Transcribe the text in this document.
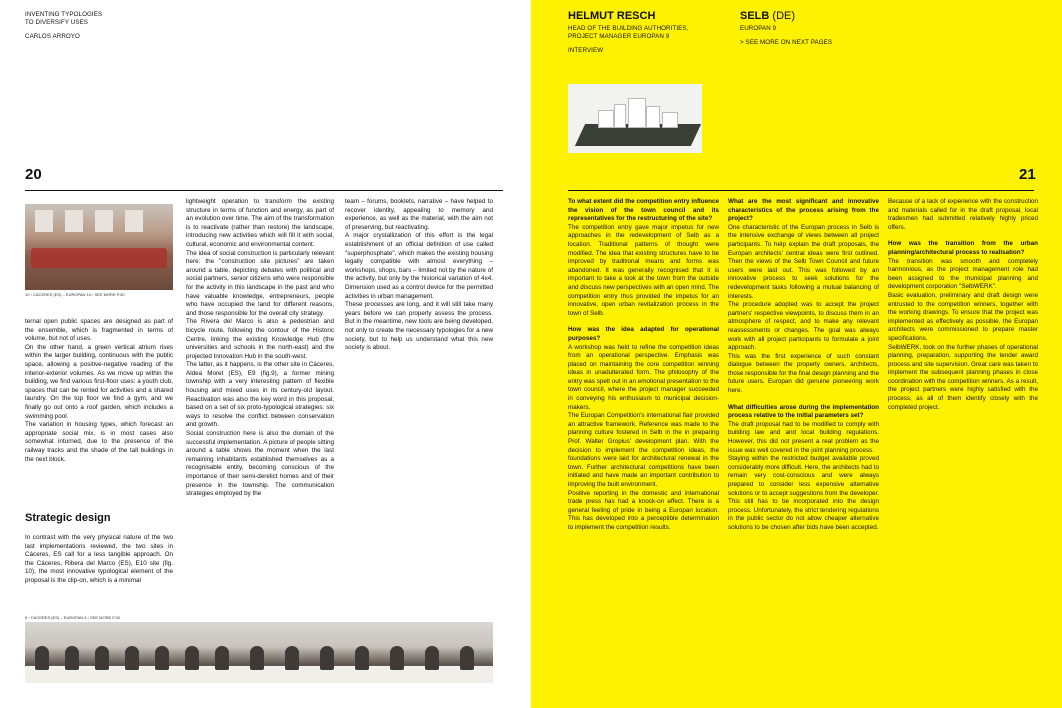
INVENTING TYPOLOGIES
TO DIVERSIFY USES
CARLOS ARROYO
20
10 › CÁCERES (ES) – EUROPAN 10 › SEE MORE P.30

ternal open public spaces are designed as part of the ensemble, which is fragmented in terms of volume, but not of uses.

On the other hand, a green vertical atrium rises within the larger building, continuous with the public space, allowing a positive-negative reading of the interior-exterior volumes. As we move up within the building, we find various first-floor uses: a youth club, spaces that can be rented for activities and a shared laundry. On the top floor we find a gym, and we finally go out onto a roof garden, which includes a swimming pool.

The variation in housing types, which forecast an appropriate social mix, is in most cases also somewhat inturned, due to the presence of the railway tracks and the shade of the tall buildings in the next block.

Strategic design

In contrast with the very physical nature of the two last implementations reviewed, the two sites in Cáceres, ES call for a less tangible approach. On the Cáceres, Ribera del Marco (ES), E10 site (fig. 10), the most innovative typological element of the proposal is the clip-on, which is a minimal

lightweight operation to transform the existing structure in terms of function and energy, as part of an evolution over time. The aim of the transformation is to reactivate (rather than restore) the landscape, introducing new activities which will fill it with social, cultural, economic and environmental content.

The idea of social construction is particularly relevant here: the "construction site pictures" are taken around a table, depicting debates with political and social partners, senior citizens who were responsible for the activity in this landscape in the past and who have valuable knowledge, entrepreneurs, people who have occupied the land for different reasons, and those responsible for the overall city strategy.

The Rivera del Marco is also a pedestrian and bicycle route, following the contour of the Historic Centre, linking the existing Knowledge Hub (the universities and schools in the north-east) and the projected Innovation Hub in the south-west.

The latter, as it happens, is the other site in Cáceres, Aldea Moret (ES), E9 (fig.9), a former mining township with a very interesting pattern of flexible housing and mixed uses in its century-old layout. Reactivation was also the key word in this proposal, based on a set of six proto-typological strategies: six ways to resolve the conflict between conservation and growth.

Social construction here is also the domain of the successful implementation. A picture of people sitting around a table shows the moment when the last remaining inhabitants established themselves as a recognisable entity, becoming conscious of the importance of their semi-derelict homes and of their presence in the township. The communication strategies employed by the

team – forums, booklets, narrative – have helped to recover identity, appealing to memory and experience, as well as the material, with the aim not of preserving, but reactivating.

A major crystallization of this effort is the legal establishment of an official definition of use called "superphosphate", which makes the existing housing legally compatible with almost everything – workshops, shops, bars – limited not by the nature of the activity, but only by the historical variation of 4x4. Dimension used as a control device for the permitted activities in urban management.

These processes are long, and it will still take many years before we can properly assess the process. But in the meantime, new tools are being developed, not only to create the necessary typologies for a new society, but to help us understand what this new society is about.

9 › CÁCERES (ES) – EUROPAN 9 › SEE MORE P.30
HELMUT RESCH
HEAD OF THE BUILDING AUTHORITIES,
PROJECT MANAGER EUROPAN 9
INTERVIEW
SELB (DE)
EUROPAN 9
> SEE MORE ON NEXT PAGES
21

To what extent did the competition entry influence the vision of the town council and its representatives for the restructuring of the site?

The competition entry gave major impetus for new approaches in the redevelopment of Selb as a location. Traditional patterns of thought were modified. The idea that existing structures have to be improved by traditional means and forms was abandoned. It was generally recognised that it is important to take a look at the town from the outside and discuss new perspectives with an open mind. The competition entry thus provided the impetus for an innovative, open urban revitalization process in the town of Selb.

How was the idea adapted for operational purposes?

A workshop was held to refine the competition ideas from an operational perspective. Emphasis was placed on maintaining the core competition winning ideas in unadulterated form. The philosophy of the entry was spelt out in an emotional presentation to the town council, where the project manager succeeded in conveying his enthusiasm to municipal decision-makers.

The Europan Competition's international flair provided an attractive framework. Reference was made to the planning culture fostered in Selb in the in preparing Prof. Walter Gropius' development plan. With the decision to implement the competition ideas, the foundations were laid for architectural renewal in the town. Further architectural competitions have been initiated and have made an important contribution to improving the built environment.

Positive reporting in the domestic and international trade press has had a knock-on effect. There is a general feeling of pride in being a Europan location. This has developed into a perceptible determination to implement the competition results.

What are the most significant and innovative characteristics of the process arising from the project?

One characteristic of the Europan process in Selb is the intensive exchange of views between all project participants. To help explain the draft proposals, the Europan architects' central ideas were first outlined. Then the views of the Selb Town Council and future users were laid out. This was followed by an innovative process to seek solutions for the redevelopment tasks following a mutual balancing of interests.

The procedure adopted was to accept the project partners' respective viewpoints, to discuss them in an atmosphere of respect, and to make any relevant reassessments or changes. The goal was always work with all project participants to formulate a joint approach.

This was the first experience of such constant dialogue between the property owners, architects, those responsible for the final design planning and the future users. Europan did genuine pioneering work here.

What difficulties arose during the implementation process relative to the initial parameters set?

The draft proposal had to be modified to comply with building law and and local building regulations. However, this did not present a real problem as the issue was well covered in the joint planning process.

Staying within the restricted budget available proved considerably more difficult. Here, the architects had to remain very cost-conscious and were always prepared to consider less expensive alternative solutions or to accept suggestions from the developer. This still has to be incorporated into the design process. Unfortunately, the strict tendering regulations in the public sector do not allow cheaper alternative solutions to be chosen after bids have been accepted.

Because of a lack of experience with the construction and materials called for in the draft proposal, local tradesmen had submitted relatively highly priced offers.

How was the transition from the urban planning/architectural process to realisation?

The transition was smooth and completely harmonious, as the project management role had been assigned to the municipal planning and development corporation "SelbWERK".

Basic evaluation, preliminary and draft design were entrusted to the competition winners, together with the working drawings. To ensure that the project was implemented as effectively as possible, the Europan architects were commissioned to prepare master specifications.

SelbWERK, took on the further phases of operational planning, preparation, supporting the tender award process and site supervision. Great care was taken to implement the subsequent planning phases in close coordination with the competition winners. As a result, the project partners were highly satisfied with the process, as all of them identify closely with the completed project.
